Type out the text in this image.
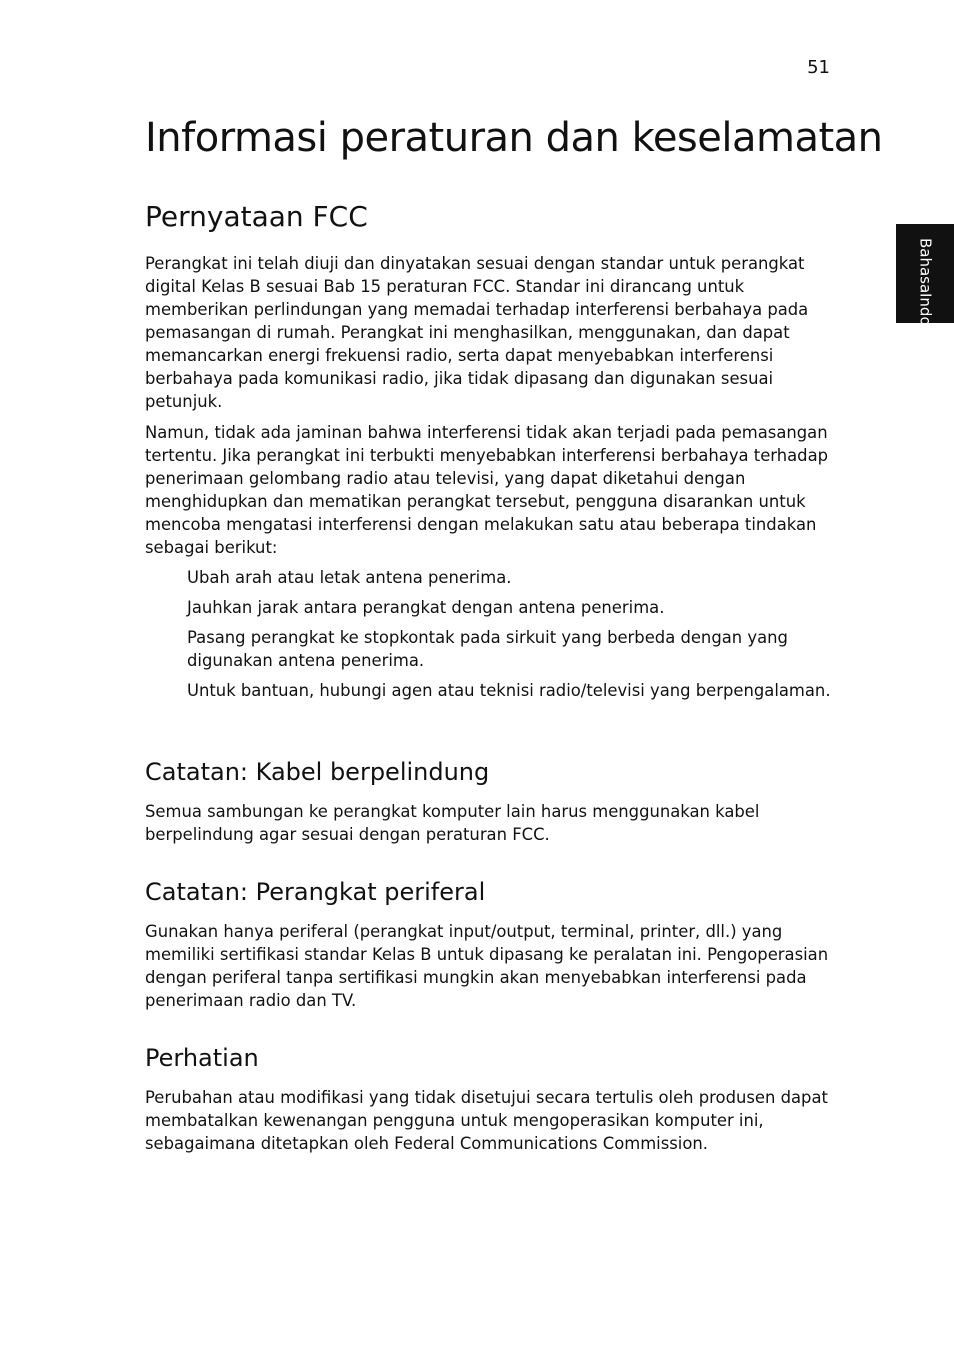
51
Bahasa
Indonesia
Informasi peraturan dan keselamatan
Pernyataan FCC

Perangkat ini telah diuji dan dinyatakan sesuai dengan standar untuk perangkat digital Kelas B sesuai Bab 15 peraturan FCC. Standar ini dirancang untuk memberikan perlindungan yang memadai terhadap interferensi berbahaya pada pemasangan di rumah. Perangkat ini menghasilkan, menggunakan, dan dapat memancarkan energi frekuensi radio, serta dapat menyebabkan interferensi berbahaya pada komunikasi radio, jika tidak dipasang dan digunakan sesuai petunjuk.

Namun, tidak ada jaminan bahwa interferensi tidak akan terjadi pada pemasangan tertentu. Jika perangkat ini terbukti menyebabkan interferensi berbahaya terhadap penerimaan gelombang radio atau televisi, yang dapat diketahui dengan menghidupkan dan mematikan perangkat tersebut, pengguna disarankan untuk mencoba mengatasi interferensi dengan melakukan satu atau beberapa tindakan sebagai berikut:

Ubah arah atau letak antena penerima.
Jauhkan jarak antara perangkat dengan antena penerima.
Pasang perangkat ke stopkontak pada sirkuit yang berbeda dengan yang digunakan antena penerima.
Untuk bantuan, hubungi agen atau teknisi radio/televisi yang berpengalaman.
Catatan: Kabel berpelindung

Semua sambungan ke perangkat komputer lain harus menggunakan kabel berpelindung agar sesuai dengan peraturan FCC.

Catatan: Perangkat periferal

Gunakan hanya periferal (perangkat input/output, terminal, printer, dll.) yang memiliki sertifikasi standar Kelas B untuk dipasang ke peralatan ini. Pengoperasian dengan periferal tanpa sertifikasi mungkin akan menyebabkan interferensi pada penerimaan radio dan TV.

Perhatian

Perubahan atau modifikasi yang tidak disetujui secara tertulis oleh produsen dapat membatalkan kewenangan pengguna untuk mengoperasikan komputer ini, sebagaimana ditetapkan oleh Federal Communications Commission.
